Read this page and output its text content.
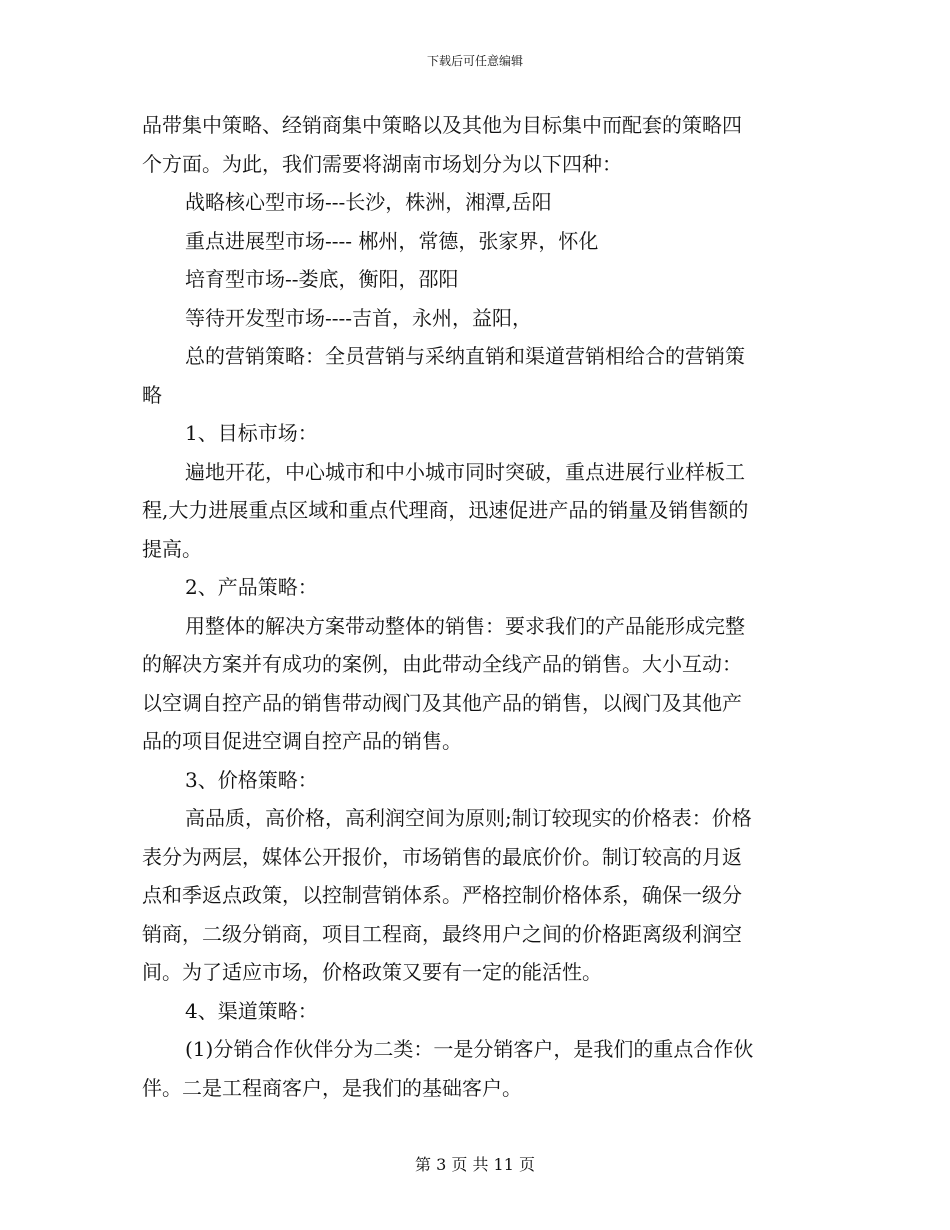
下载后可任意编辑
品带集中策略、经销商集中策略以及其他为目标集中而配套的策略四
个方面。为此，我们需要将湖南市场划分为以下四种：
战略核心型市场---长沙，株洲，湘潭,岳阳
重点进展型市场---- 郴州，常德，张家界，怀化
培育型市场--娄底，衡阳，邵阳
等待开发型市场----吉首，永州，益阳，
总的营销策略：全员营销与采纳直销和渠道营销相给合的营销策
略
1、目标市场：
遍地开花，中心城市和中小城市同时突破，重点进展行业样板工
程,大力进展重点区域和重点代理商，迅速促进产品的销量及销售额的
提高。
2、产品策略：
用整体的解决方案带动整体的销售：要求我们的产品能形成完整
的解决方案并有成功的案例，由此带动全线产品的销售。大小互动：
以空调自控产品的销售带动阀门及其他产品的销售，以阀门及其他产
品的项目促进空调自控产品的销售。
3、价格策略：
高品质，高价格，高利润空间为原则;制订较现实的价格表：价格
表分为两层，媒体公开报价，市场销售的最底价价。制订较高的月返
点和季返点政策，以控制营销体系。严格控制价格体系，确保一级分
销商，二级分销商，项目工程商，最终用户之间的价格距离级利润空
间。为了适应市场，价格政策又要有一定的能活性。
4、渠道策略：
(1)分销合作伙伴分为二类：一是分销客户，是我们的重点合作伙
伴。二是工程商客户，是我们的基础客户。
第 3 页 共 11 页
